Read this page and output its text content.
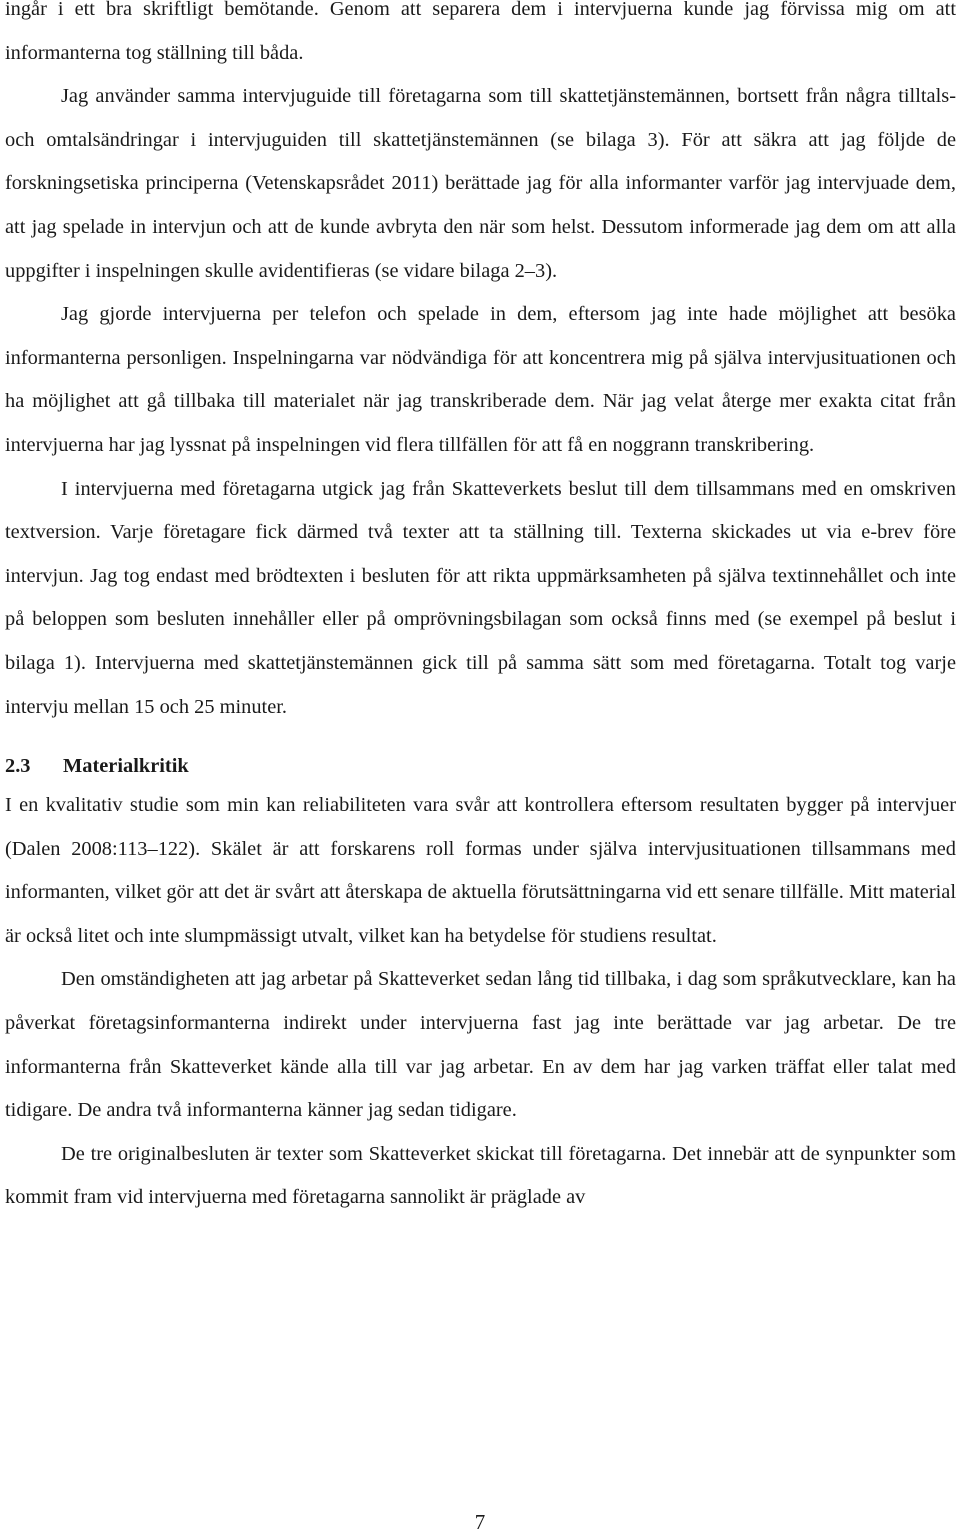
ingår i ett bra skriftligt bemötande. Genom att separera dem i intervjuerna kunde jag förvissa mig om att informanterna tog ställning till båda.

Jag använder samma intervjuguide till företagarna som till skattetjänstemännen, bortsett från några tilltals- och omtalsändringar i intervjuguiden till skattetjänstemännen (se bilaga 3). För att säkra att jag följde de forskningsetiska principerna (Vetenskapsrådet 2011) berättade jag för alla informanter varför jag intervjuade dem, att jag spelade in intervjun och att de kunde avbryta den när som helst. Dessutom informerade jag dem om att alla uppgifter i inspelningen skulle avidentifieras (se vidare bilaga 2‒3).

Jag gjorde intervjuerna per telefon och spelade in dem, eftersom jag inte hade möjlighet att besöka informanterna personligen. Inspelningarna var nödvändiga för att koncentrera mig på själva intervjusituationen och ha möjlighet att gå tillbaka till materialet när jag transkriberade dem. När jag velat återge mer exakta citat från intervjuerna har jag lyssnat på inspelningen vid flera tillfällen för att få en noggrann transkribering.

I intervjuerna med företagarna utgick jag från Skatteverkets beslut till dem tillsammans med en omskriven textversion. Varje företagare fick därmed två texter att ta ställning till. Texterna skickades ut via e-brev före intervjun. Jag tog endast med brödtexten i besluten för att rikta uppmärksamheten på själva textinnehållet och inte på beloppen som besluten innehåller eller på omprövningsbilagan som också finns med (se exempel på beslut i bilaga 1). Intervjuerna med skattetjänstemännen gick till på samma sätt som med företagarna. Totalt tog varje intervju mellan 15 och 25 minuter.

2.3 Materialkritik

I en kvalitativ studie som min kan reliabiliteten vara svår att kontrollera eftersom resultaten bygger på intervjuer (Dalen 2008:113‒122). Skälet är att forskarens roll formas under själva intervjusituationen tillsammans med informanten, vilket gör att det är svårt att återskapa de aktuella förutsättningarna vid ett senare tillfälle. Mitt material är också litet och inte slumpmässigt utvalt, vilket kan ha betydelse för studiens resultat.

Den omständigheten att jag arbetar på Skatteverket sedan lång tid tillbaka, i dag som språkutvecklare, kan ha påverkat företagsinformanterna indirekt under intervjuerna fast jag inte berättade var jag arbetar. De tre informanterna från Skatteverket kände alla till var jag arbetar. En av dem har jag varken träffat eller talat med tidigare. De andra två informanterna känner jag sedan tidigare.

De tre originalbesluten är texter som Skatteverket skickat till företagarna. Det innebär att de synpunkter som kommit fram vid intervjuerna med företagarna sannolikt är präglade av

7
